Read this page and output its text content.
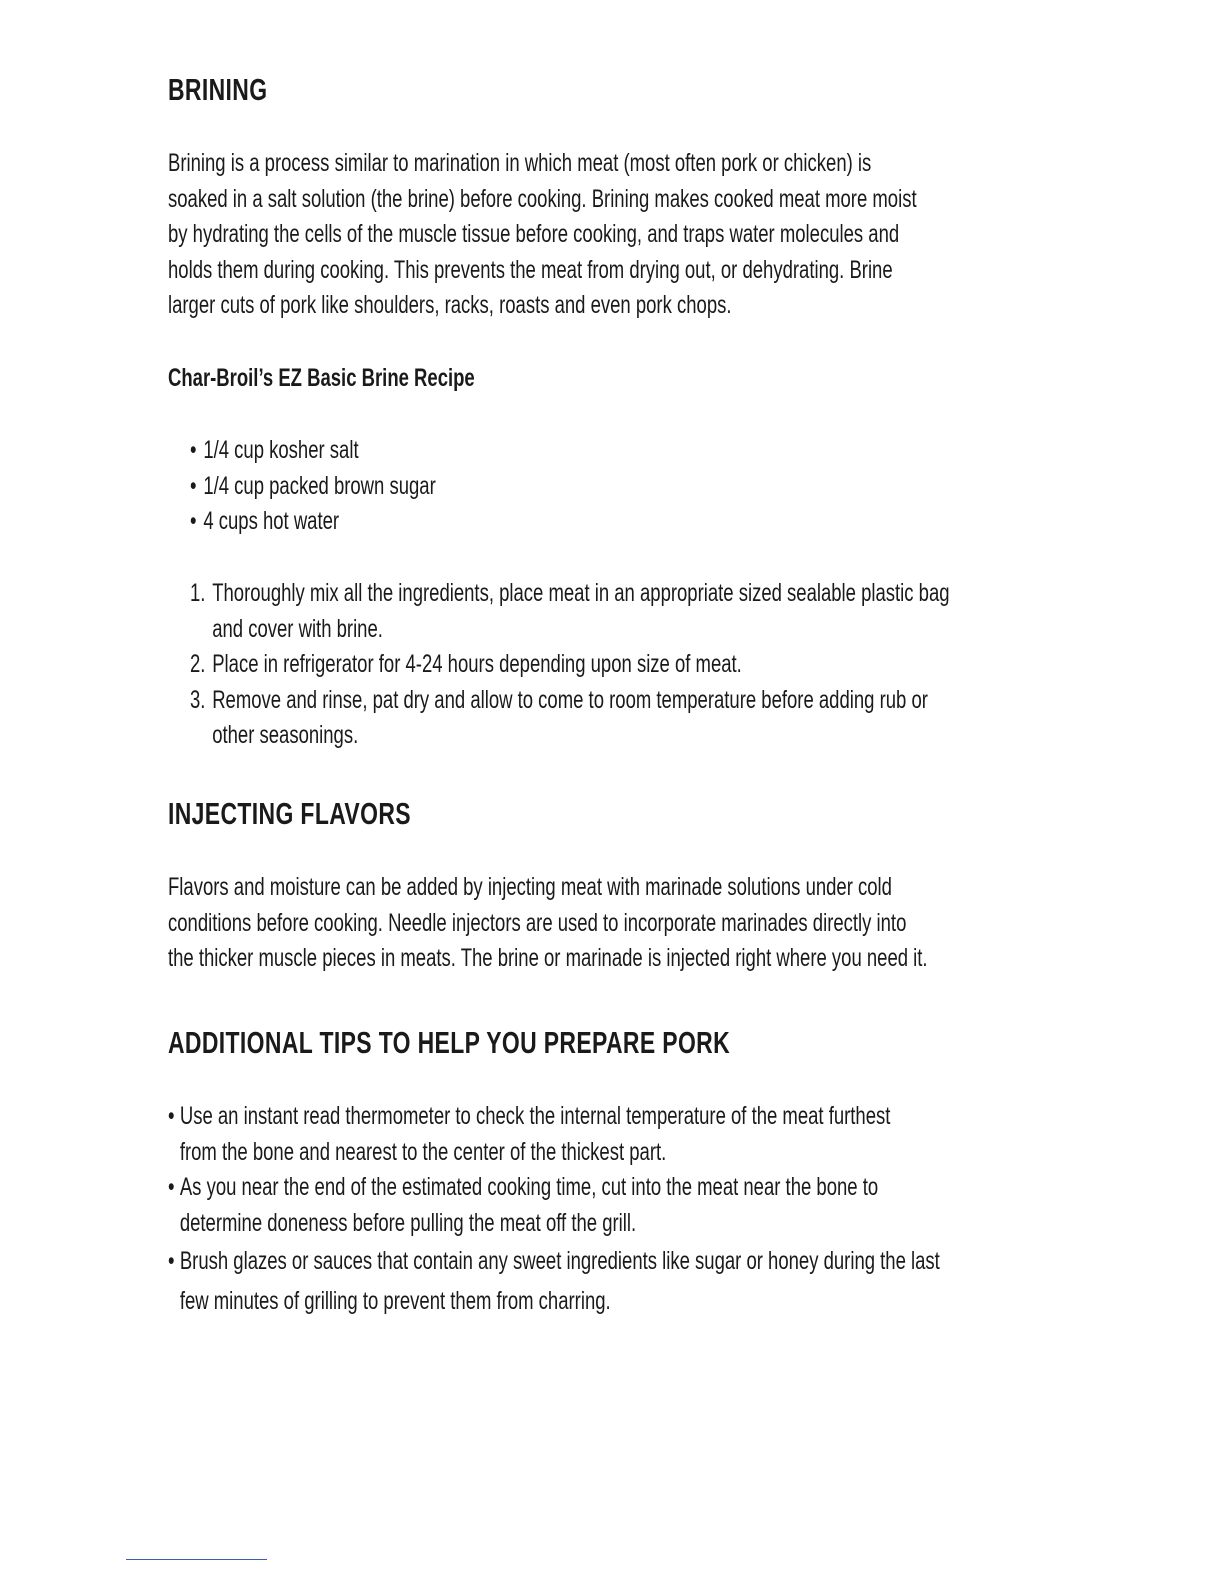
BRINING

Brining is a process similar to marination in which meat (most often pork or chicken) is
soaked in a salt solution (the brine) before cooking. Brining makes cooked meat more moist
by hydrating the cells of the muscle tissue before cooking, and traps water molecules and
holds them during cooking. This prevents the meat from drying out, or dehydrating. Brine
larger cuts of pork like shoulders, racks, roasts and even pork chops.

Char-Broil’s EZ Basic Brine Recipe
• 1/4 cup kosher salt
• 1/4 cup packed brown sugar
• 4 cups hot water
1. Thoroughly mix all the ingredients, place meat in an appropriate sized sealable plastic bag
and cover with brine.
2. Place in refrigerator for 4-24 hours depending upon size of meat.
3. Remove and rinse, pat dry and allow to come to room temperature before adding rub or
other seasonings.
INJECTING FLAVORS

Flavors and moisture can be added by injecting meat with marinade solutions under cold
conditions before cooking. Needle injectors are used to incorporate marinades directly into
the thicker muscle pieces in meats. The brine or marinade is injected right where you need it.

ADDITIONAL TIPS TO HELP YOU PREPARE PORK
• Use an instant read thermometer to check the internal temperature of the meat furthest
from the bone and nearest to the center of the thickest part.
• As you near the end of the estimated cooking time, cut into the meat near the bone to
determine doneness before pulling the meat off the grill.
• Brush glazes or sauces that contain any sweet ingredients like sugar or honey during the last
few minutes of grilling to prevent them from charring.
